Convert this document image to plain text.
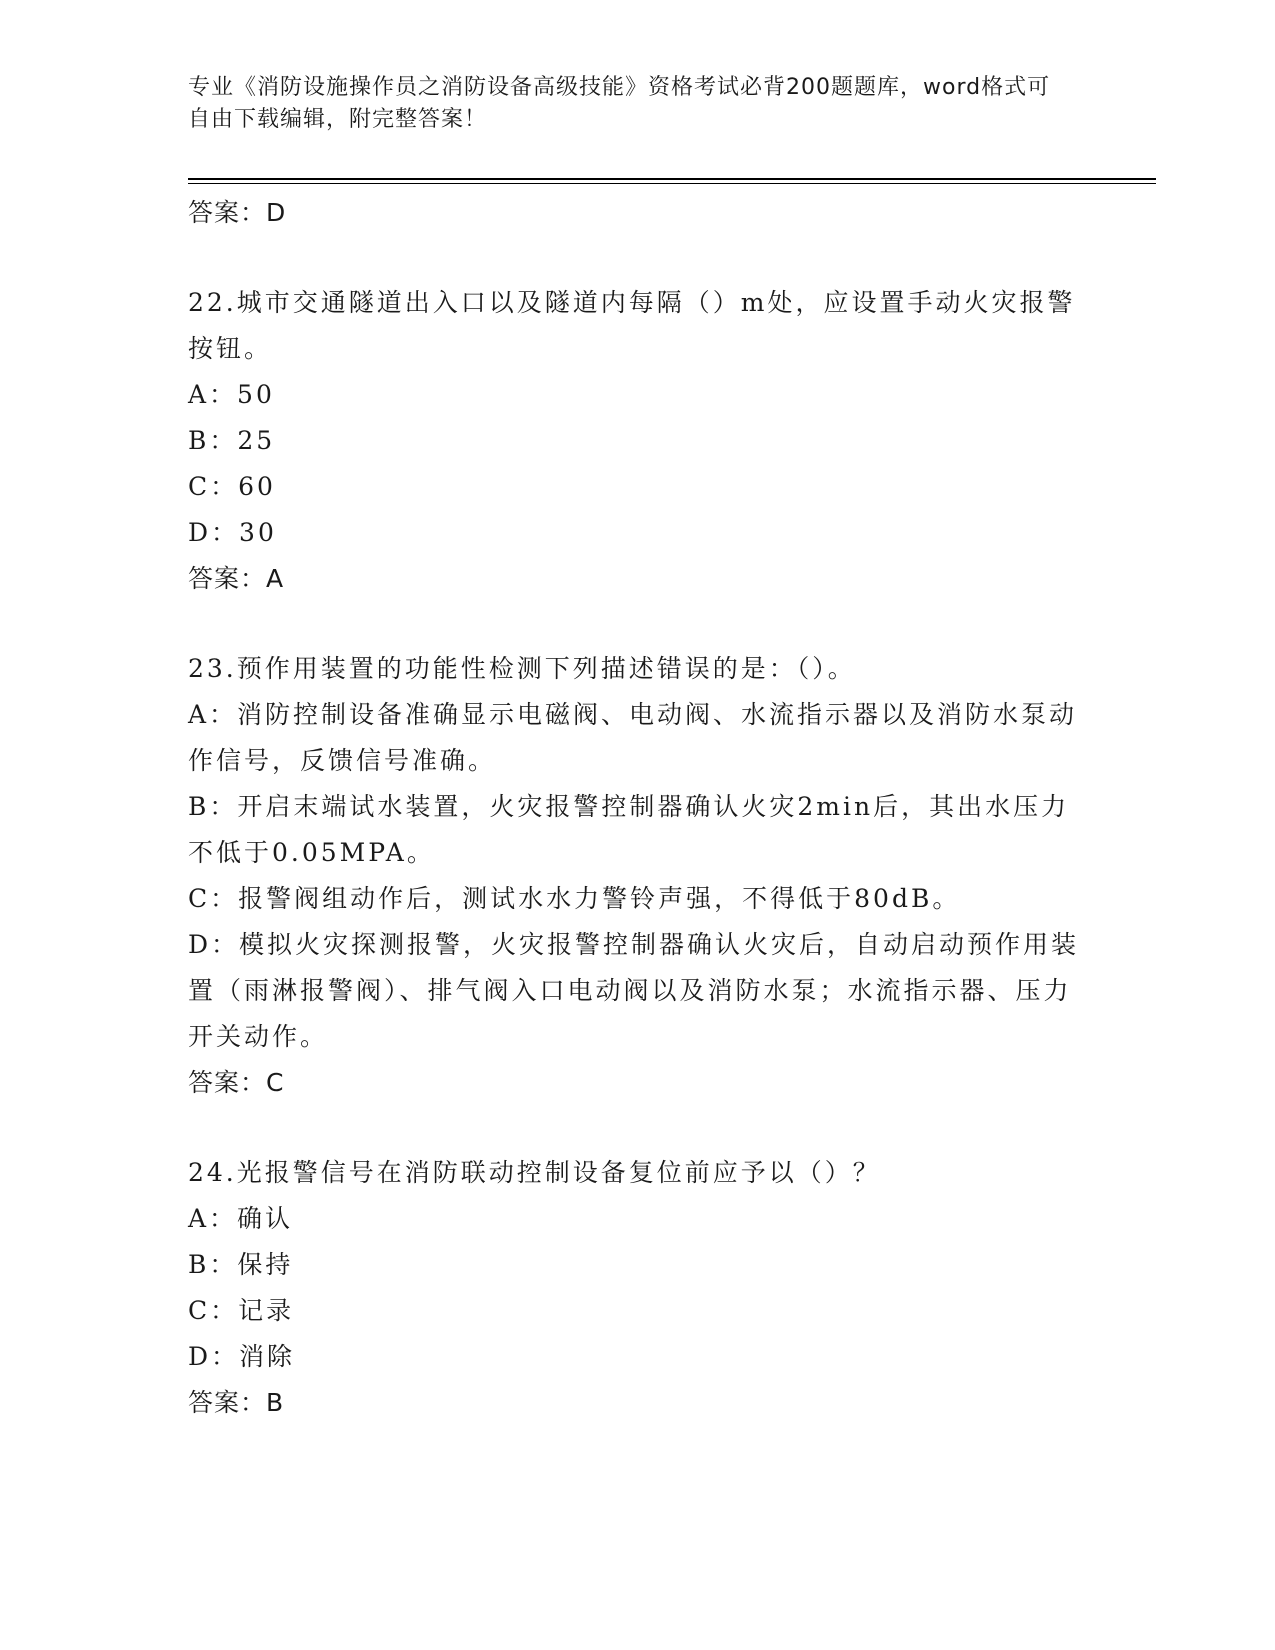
专业《消防设施操作员之消防设备高级技能》资格考试必背200题题库，word格式可自由下载编辑，附完整答案！
答案：D

22.城市交通隧道出入口以及隧道内每隔（）m处，应设置手动火灾报警按钮。

A：50

B：25

C：60

D：30

答案：A

23.预作用装置的功能性检测下列描述错误的是：（）。

A：消防控制设备准确显示电磁阀、电动阀、水流指示器以及消防水泵动作信号，反馈信号准确。

B：开启末端试水装置，火灾报警控制器确认火灾2min后，其出水压力不低于0.05MPA。

C：报警阀组动作后，测试水水力警铃声强，不得低于80dB。

D：模拟火灾探测报警，火灾报警控制器确认火灾后，自动启动预作用装置（雨淋报警阀）、排气阀入口电动阀以及消防水泵；水流指示器、压力开关动作。

答案：C

24.光报警信号在消防联动控制设备复位前应予以（）？

A：确认

B：保持

C：记录

D：消除

答案：B
